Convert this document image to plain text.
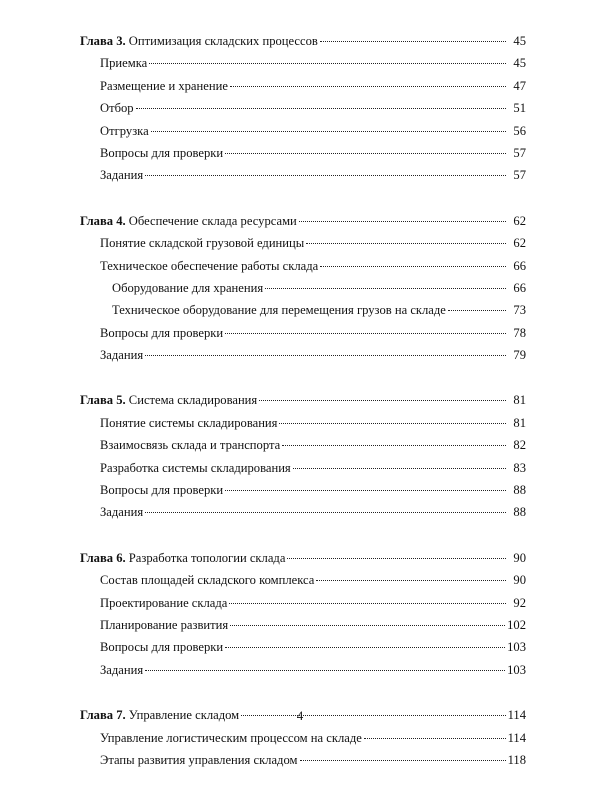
Глава 3. Оптимизация складских процессов	45
Приемка	45
Размещение и хранение	47
Отбор	51
Отгрузка	56
Вопросы для проверки	57
Задания	57
Глава 4. Обеспечение склада ресурсами	62
Понятие складской грузовой единицы	62
Техническое обеспечение работы склада	66
Оборудование для хранения	66
Техническое оборудование для перемещения грузов на складе	73
Вопросы для проверки	78
Задания	79
Глава 5. Система складирования	81
Понятие системы складирования	81
Взаимосвязь склада и транспорта	82
Разработка системы складирования	83
Вопросы для проверки	88
Задания	88
Глава 6. Разработка топологии склада	90
Состав площадей складского комплекса	90
Проектирование склада	92
Планирование развития	102
Вопросы для проверки	103
Задания	103
Глава 7. Управление складом	114
Управление логистическим процессом на складе	114
Этапы развития управления складом	118
4
